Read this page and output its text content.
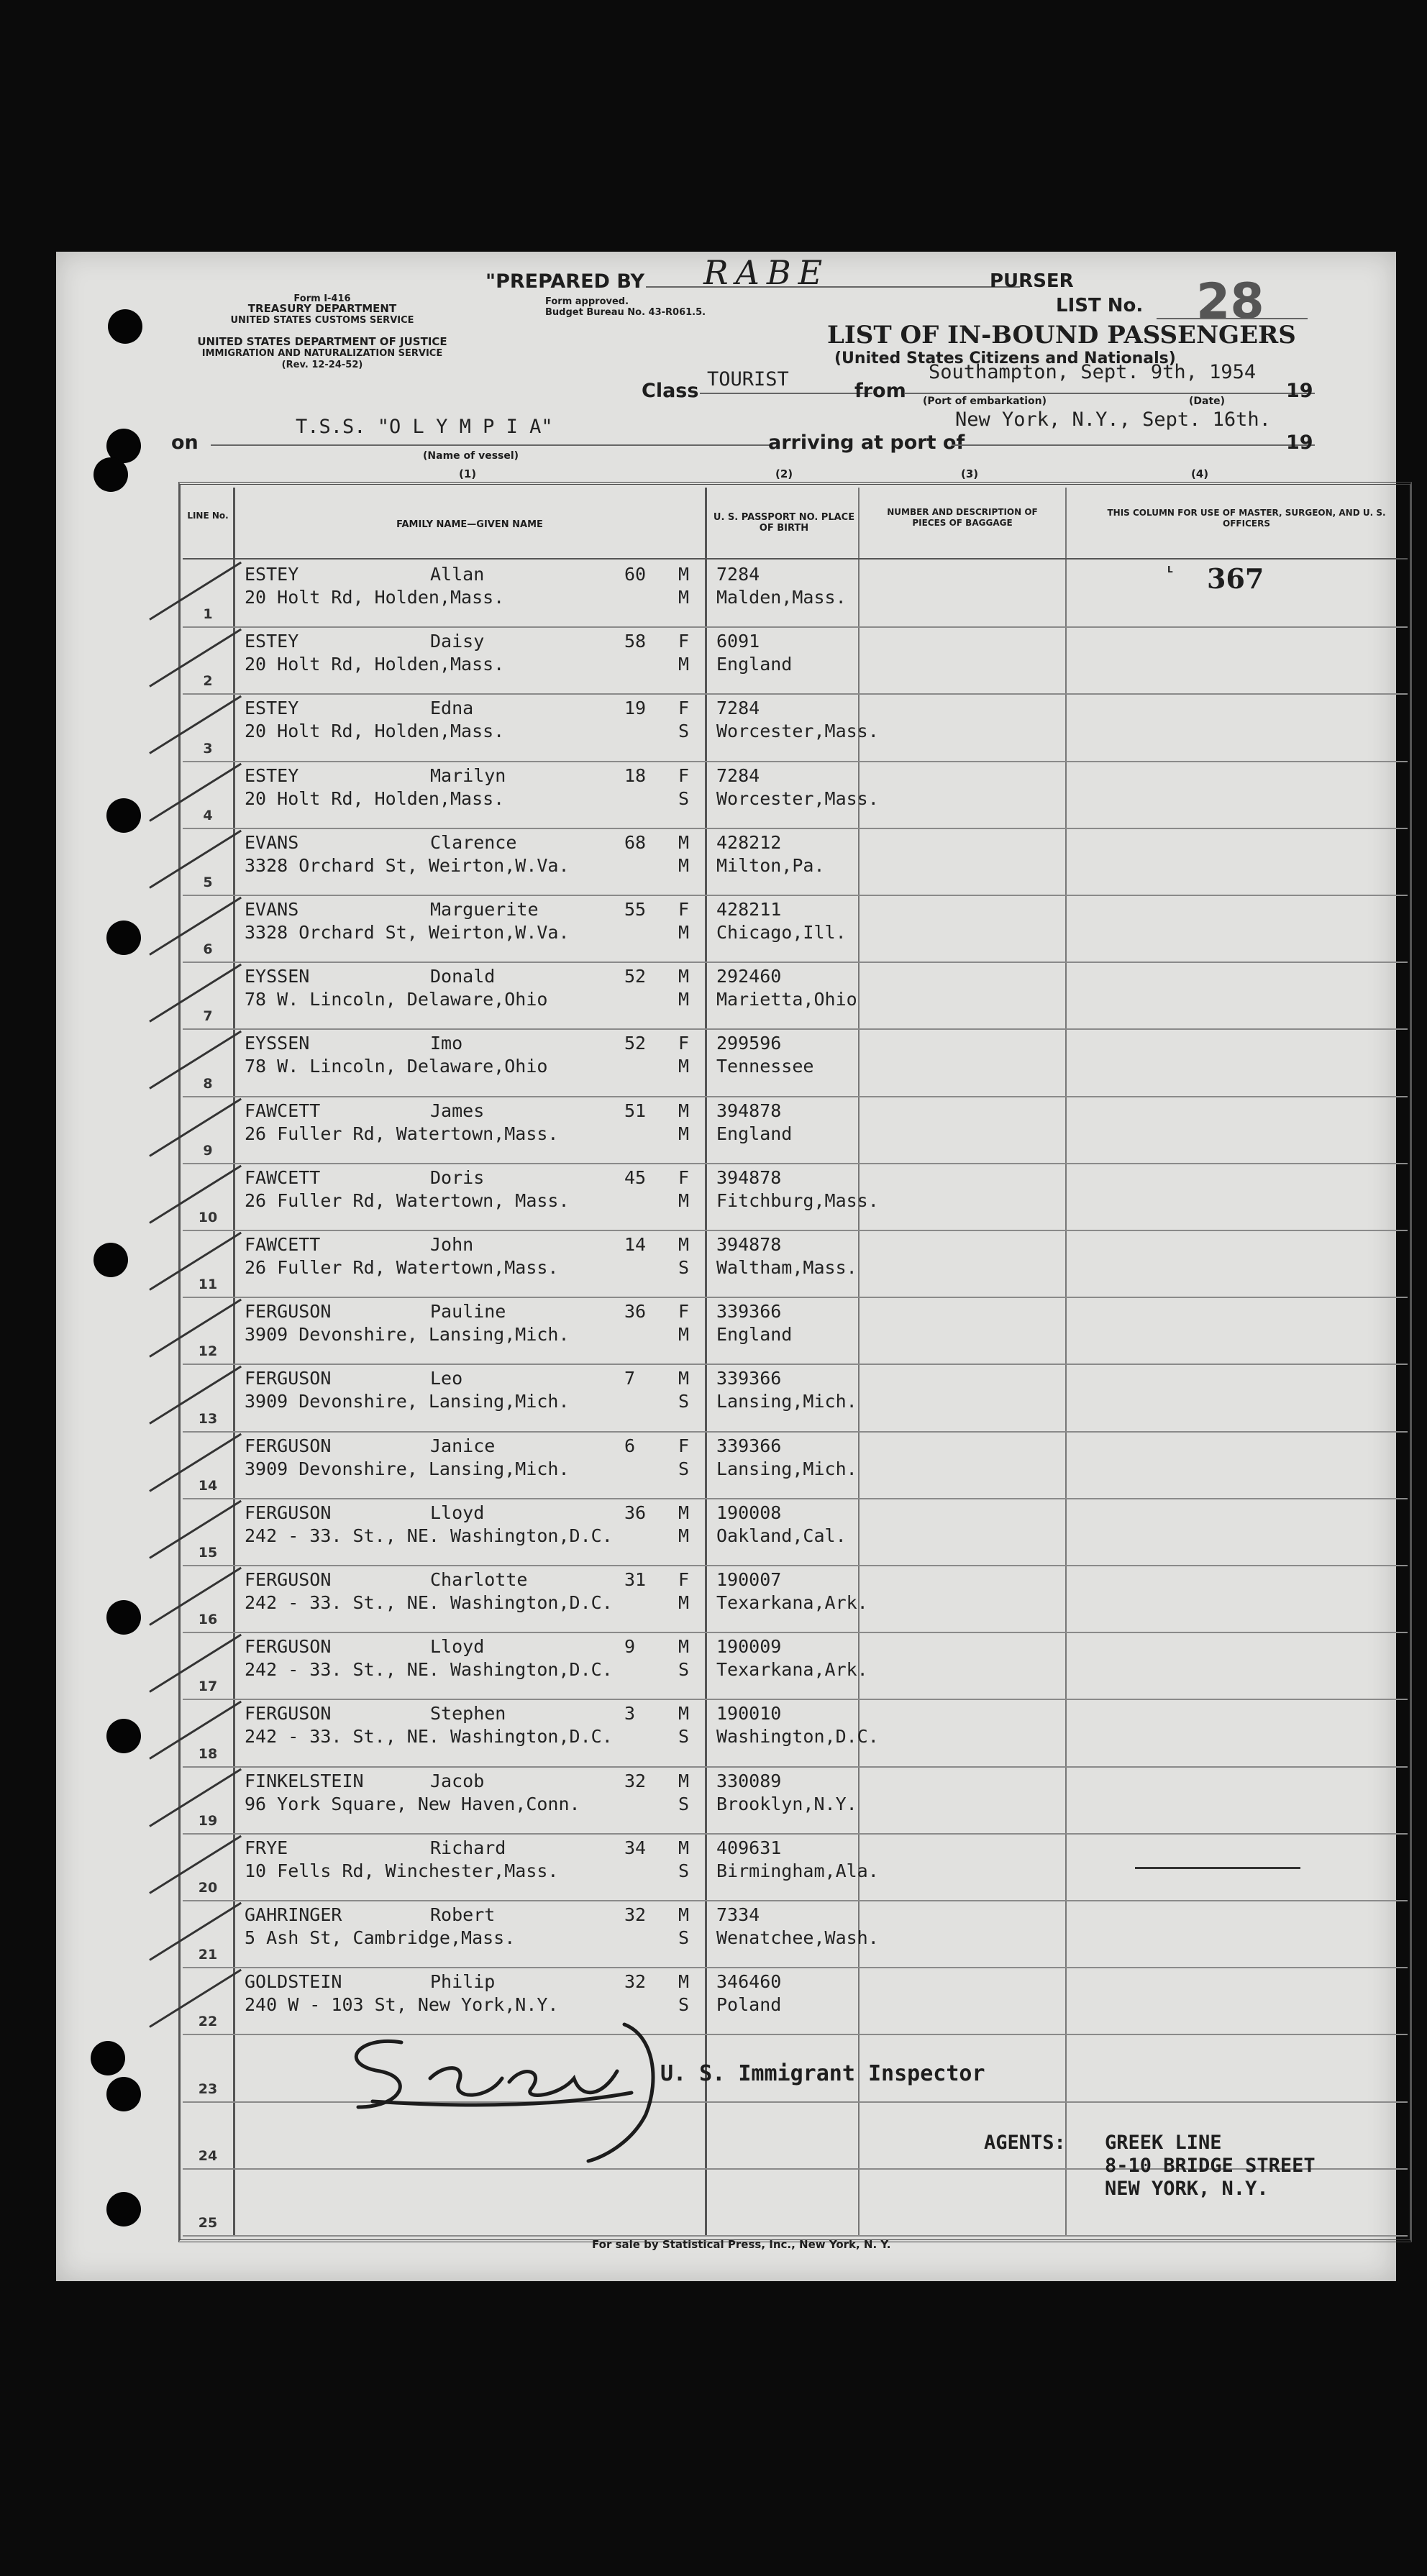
"PREPARED BY RABE	PURSER
Form I-416
TREASURY DEPARTMENT
UNITED STATES CUSTOMS SERVICE
UNITED STATES DEPARTMENT OF JUSTICE
IMMIGRATION AND NATURALIZATION SERVICE
(Rev. 12-24-52)
Form approved.
Budget Bureau No. 43-R061.5.	LIST No. 28
LIST OF IN-BOUND PASSENGERS
(United States Citizens and Nationals)
Class
TOURIST
from
Southampton, Sept. 9th, 1954
19
(Port of embarkation)	(Date)
on
T.S.S. "O L Y M P I A"
(Name of vessel)
arriving at port of
New York, N.Y., Sept. 16th.
19
(1)	(2)	(3)	(4)
LINE No.
FAMILY NAME—GIVEN NAME
U. S. PASSPORT NO. PLACE OF BIRTH
NUMBER AND DESCRIPTION OF PIECES OF BAGGAGE
THIS COLUMN FOR USE OF MASTER, SURGEON, AND U. S. OFFICERS
L 367
1
ESTEY	Allan	60 M
20 Holt Rd, Holden,Mass.	M
7284
Malden,Mass.
2
ESTEY	Daisy	58 F
20 Holt Rd, Holden,Mass.	M
6091
England
3
ESTEY	Edna	19 F
20 Holt Rd, Holden,Mass.	S
7284
Worcester,Mass.
4
ESTEY	Marilyn	18 F
20 Holt Rd, Holden,Mass.	S
7284
Worcester,Mass.
5
EVANS	Clarence	68 M
3328 Orchard St, Weirton,W.Va.	M
428212
Milton,Pa.
6
EVANS	Marguerite	55 F
3328 Orchard St, Weirton,W.Va.	M
428211
Chicago,Ill.
7
EYSSEN	Donald	52 M
78 W. Lincoln, Delaware,Ohio	M
292460
Marietta,Ohio
8
EYSSEN	Imo	52 F
78 W. Lincoln, Delaware,Ohio	M
299596
Tennessee
9
FAWCETT	James	51 M
26 Fuller Rd, Watertown,Mass.	M
394878
England
10
FAWCETT	Doris	45 F
26 Fuller Rd, Watertown, Mass.	M
394878
Fitchburg,Mass.
11
FAWCETT	John	14 M
26 Fuller Rd, Watertown,Mass.	S
394878
Waltham,Mass.
12
FERGUSON	Pauline	36 F
3909 Devonshire, Lansing,Mich.	M
339366
England
13
FERGUSON	Leo	7 M
3909 Devonshire, Lansing,Mich.	S
339366
Lansing,Mich.
14
FERGUSON	Janice	6 F
3909 Devonshire, Lansing,Mich.	S
339366
Lansing,Mich.
15
FERGUSON	Lloyd	36 M
242 - 33. St., NE. Washington,D.C.	M
190008
Oakland,Cal.
16
FERGUSON	Charlotte	31 F
242 - 33. St., NE. Washington,D.C.	M
190007
Texarkana,Ark.
17
FERGUSON	Lloyd	9 M
242 - 33. St., NE. Washington,D.C.	S
190009
Texarkana,Ark.
18
FERGUSON	Stephen	3 M
242 - 33. St., NE. Washington,D.C.	S
190010
Washington,D.C.
19
FINKELSTEIN	Jacob	32 M
96 York Square, New Haven,Conn.	S
330089
Brooklyn,N.Y.
20
FRYE	Richard	34 M
10 Fells Rd, Winchester,Mass.	S
409631
Birmingham,Ala.
21
GAHRINGER	Robert	32 M
5 Ash St, Cambridge,Mass.	S
7334
Wenatchee,Wash.
22
GOLDSTEIN	Philip	32 M
240 W - 103 St, New York,N.Y.	S
346460
Poland
23
24
25
U. S. Immigrant Inspector
AGENTS: GREEK LINE
8-10 BRIDGE STREET
NEW YORK, N.Y.
For sale by Statistical Press, Inc., New York, N. Y.
